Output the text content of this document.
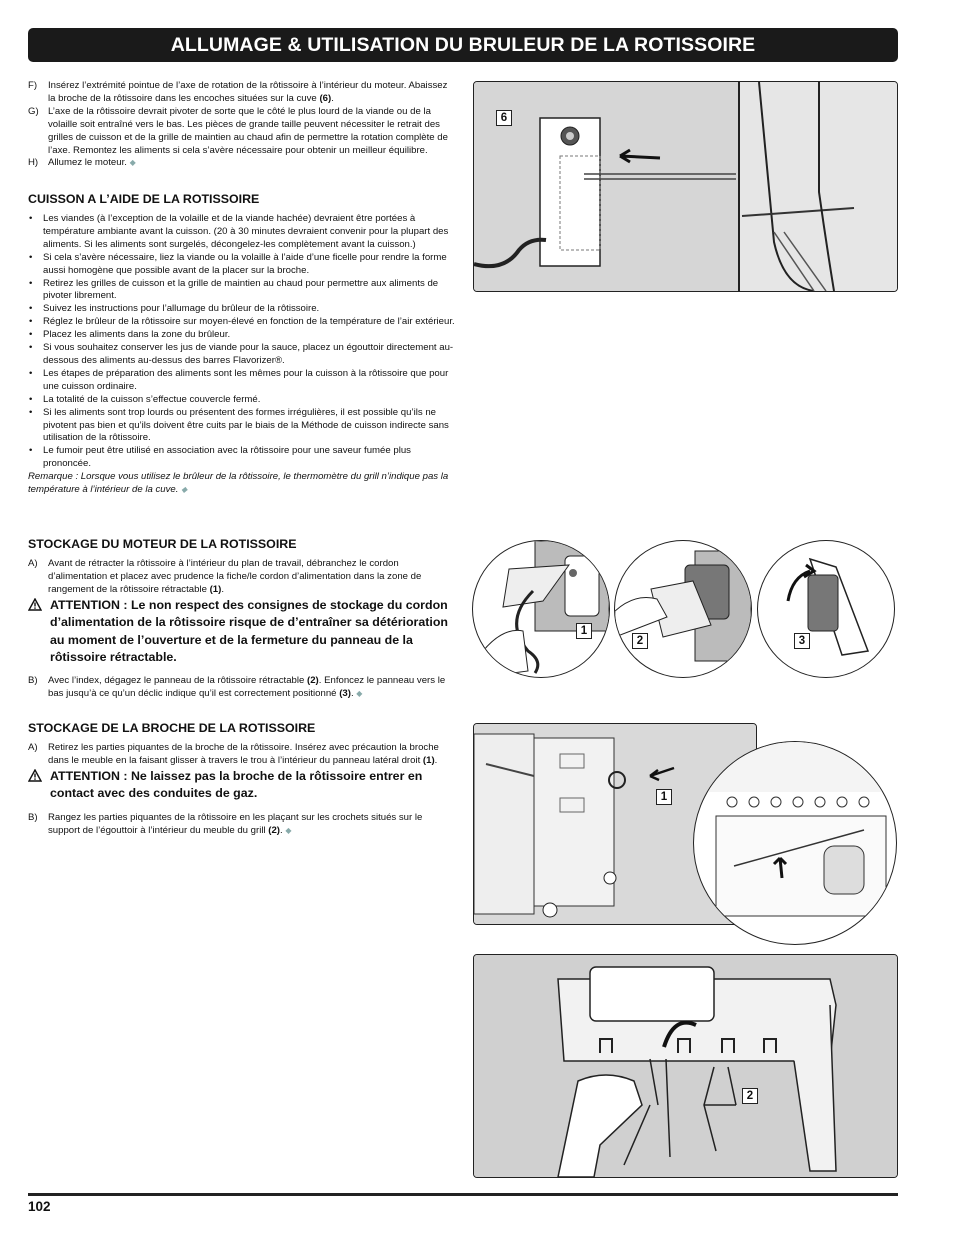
ALLUMAGE & UTILISATION DU BRULEUR DE LA ROTISSOIRE
F)	Insérez l’extrémité pointue de l’axe de rotation de la rôtissoire à l’intérieur du moteur. Abaissez la broche de la rôtissoire dans les encoches situées sur la cuve (6).
G) L’axe de la rôtissoire devrait pivoter de sorte que le côté le plus lourd de la viande ou de la volaille soit entraîné vers le bas. Les pièces de grande taille peuvent nécessiter le retrait des grilles de cuisson et de la grille de maintien au chaud afin de permettre la rotation complète de l’axe. Remontez les aliments si cela s’avère nécessaire pour obtenir un meilleur équilibre.
H)	Allumez le moteur. ◆

CUISSON A L’AIDE DE LA ROTISSOIRE

•	Les viandes (à l’exception de la volaille et de la viande hachée) devraient être portées à température ambiante avant la cuisson. (20 à 30 minutes devraient convenir pour la plupart des aliments. Si les aliments sont surgelés, décongelez-les complètement avant la cuisson.)
•	Si cela s’avère nécessaire, liez la viande ou la volaille à l’aide d’une ficelle pour rendre la forme aussi homogène que possible avant de la placer sur la broche.
•	Retirez les grilles de cuisson et la grille de maintien au chaud pour permettre aux aliments de pivoter librement.
•	Suivez les instructions pour l’allumage du brûleur de la rôtissoire.
•	Réglez le brûleur de la rôtissoire sur moyen-élevé en fonction de la température de l’air extérieur.
•	Placez les aliments dans la zone du brûleur.
•	Si vous souhaitez conserver les jus de viande pour la sauce, placez un égouttoir directement au-dessous des aliments au-dessus des barres Flavorizer®.
•	Les étapes de préparation des aliments sont les mêmes pour la cuisson à la rôtissoire que pour une cuisson ordinaire.
•	La totalité de la cuisson s’effectue couvercle fermé.
•	Si les aliments sont trop lourds ou présentent des formes irrégulières, il est possible qu’ils ne pivotent pas bien et qu’ils doivent être cuits par le biais de la Méthode de cuisson indirecte sans utilisation de la rôtissoire.
•	Le fumoir peut être utilisé en association avec la rôtissoire pour une saveur fumée plus prononcée.
Remarque : Lorsque vous utilisez le brûleur de la rôtissoire, le thermomètre du grill n’indique pas la température à l’intérieur de la cuve. ◆

STOCKAGE DU MOTEUR DE LA ROTISSOIRE

A)	Avant de rétracter la rôtissoire à l’intérieur du plan de travail, débranchez le cordon d’alimentation et placez avec prudence la fiche/le cordon d’alimentation dans la zone de rangement de la rôtissoire rétractable (1).
ATTENTION : Le non respect des consignes de stockage du cordon d’alimentation de la rôtissoire risque de d’entraîner sa détérioration au moment de l’ouverture et de la fermeture du panneau de la rôtissoire rétractable.
B)	Avec l’index, dégagez le panneau de la rôtissoire rétractable (2). Enfoncez le panneau vers le bas jusqu’à ce qu’un déclic indique qu’il est correctement positionné (3). ◆

STOCKAGE DE LA BROCHE DE LA ROTISSOIRE

A)	Retirez les parties piquantes de la broche de la rôtissoire. Insérez avec précaution la broche dans le meuble en la faisant glisser à travers le trou à l’intérieur du panneau latéral droit (1).
ATTENTION : Ne laissez pas la broche de la rôtissoire entrer en contact avec des conduites de gaz.
B)	Rangez les parties piquantes de la rôtissoire en les plaçant sur les crochets situés sur le support de l’égouttoir à l’intérieur du meuble du grill (2). ◆
6
1
2	3
1
2
102
